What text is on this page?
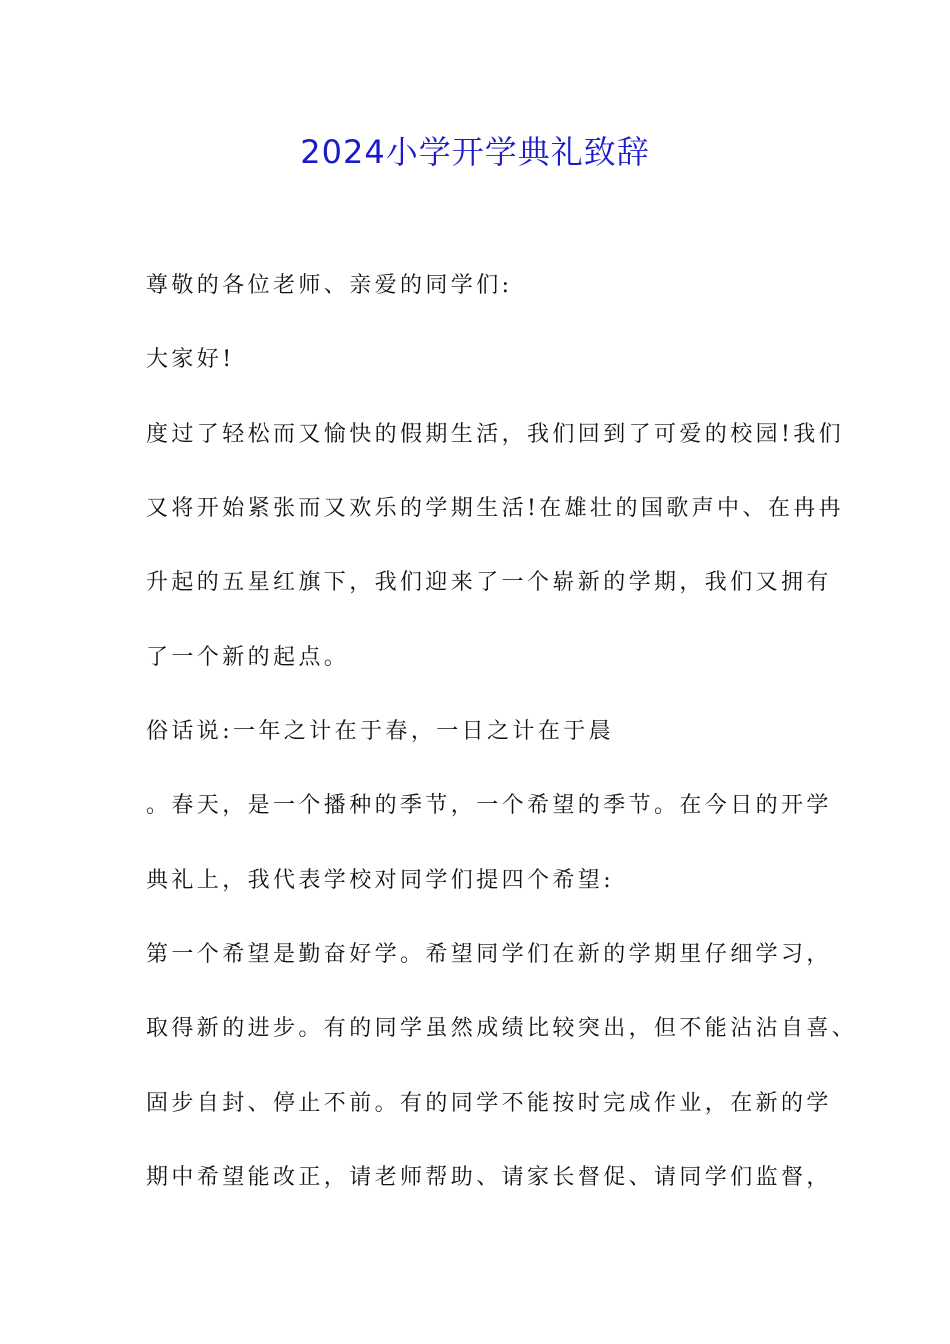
2024小学开学典礼致辞

尊敬的各位老师、亲爱的同学们:

大家好!

度过了轻松而又愉快的假期生活，我们回到了可爱的校园!我们

又将开始紧张而又欢乐的学期生活!在雄壮的国歌声中、在冉冉

升起的五星红旗下，我们迎来了一个崭新的学期，我们又拥有

了一个新的起点。

俗话说:一年之计在于春，一日之计在于晨

。春天，是一个播种的季节，一个希望的季节。在今日的开学

典礼上，我代表学校对同学们提四个希望:

第一个希望是勤奋好学。希望同学们在新的学期里仔细学习，

取得新的进步。有的同学虽然成绩比较突出，但不能沾沾自喜、

固步自封、停止不前。有的同学不能按时完成作业，在新的学

期中希望能改正，请老师帮助、请家长督促、请同学们监督，
